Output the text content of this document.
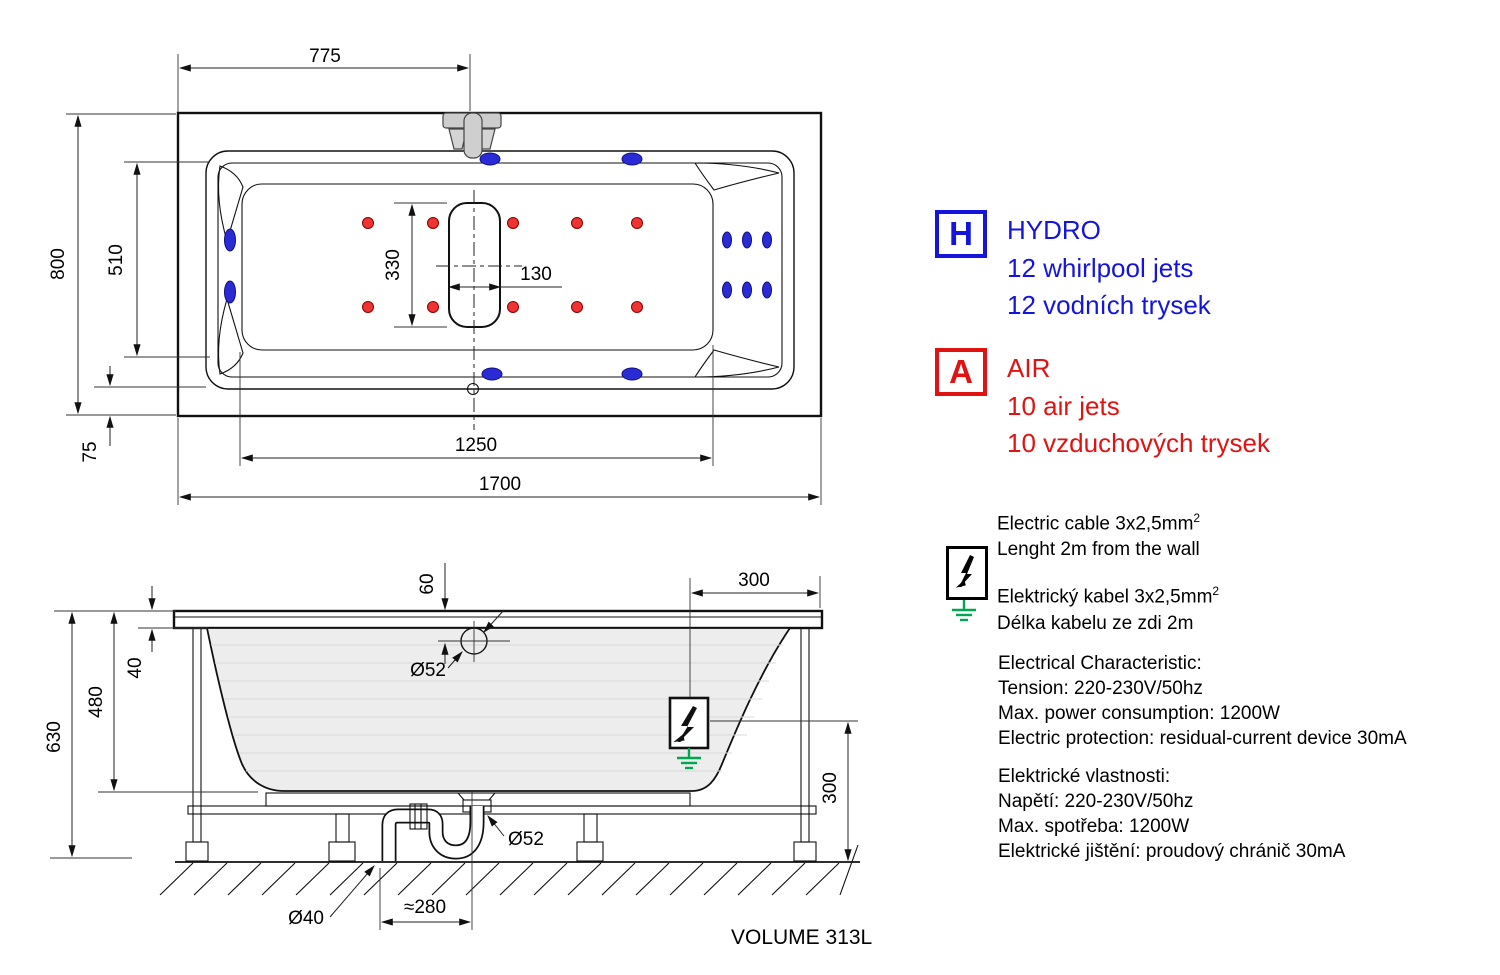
775
800 510
75
330	130
1250
1700
630
480
40
60
Ø52
300
300
Ø52
Ø40
≈280
VOLUME 313L
H HYDRO
12 whirlpool jets
12 vodních trysek
A AIR
10 air jets
10 vzduchových trysek
Electric cable $3x2,5mm^2$
Lenght 2m from the wall
Elektrický kabel $3x2,5mm^2$
Délka kabelu ze zdi 2m
Electrical Characteristic:
Tension: 220-230V/50hz
Max. power consumption: 1200W
Electric protection: residual-current device 30mA
Elektrické vlastnosti:
Napětí: 220-230V/50hz
Max. spotřeba: 1200W
Elektrické jištění: proudový chránič 30mA
